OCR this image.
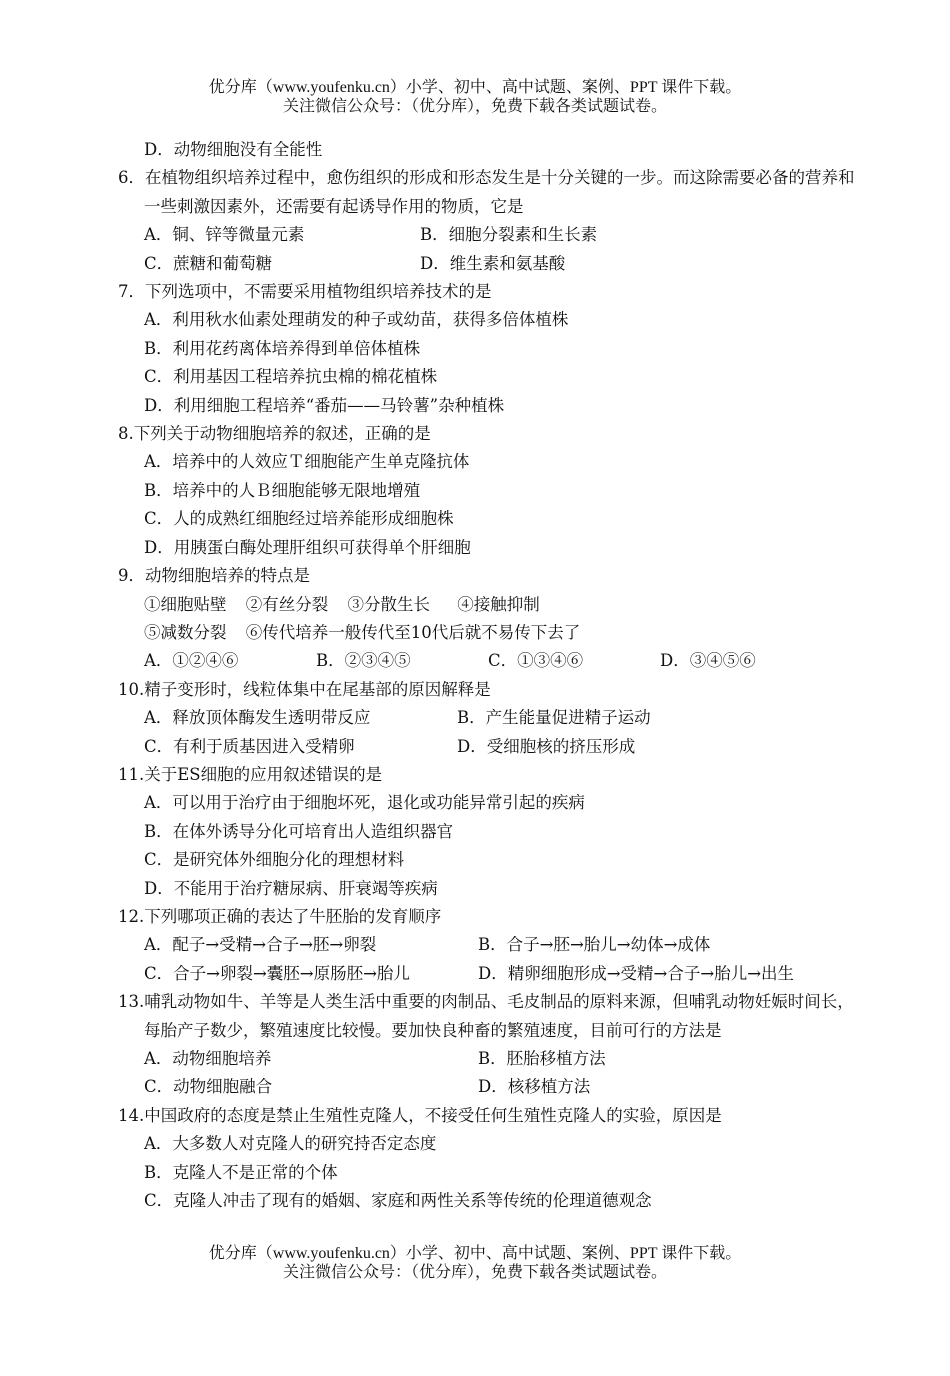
优分库（www.youfenku.cn）小学、初中、高中试题、案例、PPT 课件下载。
关注微信公众号：（优分库），免费下载各类试题试卷。
D．动物细胞没有全能性
6．在植物组织培养过程中，愈伤组织的形成和形态发生是十分关键的一步。而这除需要必备的营养和一些刺激因素外，还需要有起诱导作用的物质，它是
A．铜、锌等微量元素	B．细胞分裂素和生长素
C．蔗糖和葡萄糖	D．维生素和氨基酸
7．下列选项中，不需要采用植物组织培养技术的是
A．利用秋水仙素处理萌发的种子或幼苗，获得多倍体植株
B．利用花药离体培养得到单倍体植株
C．利用基因工程培养抗虫棉的棉花植株
D．利用细胞工程培养“番茄——马铃薯”杂种植株
8.下列关于动物细胞培养的叙述，正确的是
A．培养中的人效应Ｔ细胞能产生单克隆抗体
B．培养中的人Ｂ细胞能够无限地增殖
C．人的成熟红细胞经过培养能形成细胞株
D．用胰蛋白酶处理肝组织可获得单个肝细胞
9．动物细胞培养的特点是
①细胞贴壁 ②有丝分裂 ③分散生长 ④接触抑制
⑤减数分裂 ⑥传代培养一般传代至10代后就不易传下去了
A．①②④⑥	B．②③④⑤	C．①③④⑥	D．③④⑤⑥
10.精子变形时，线粒体集中在尾基部的原因解释是
A．释放顶体酶发生透明带反应	B．产生能量促进精子运动
C．有利于质基因进入受精卵	D．受细胞核的挤压形成
11.关于ES细胞的应用叙述错误的是
A．可以用于治疗由于细胞坏死，退化或功能异常引起的疾病
B．在体外诱导分化可培育出人造组织器官
C．是研究体外细胞分化的理想材料
D．不能用于治疗糖尿病、肝衰竭等疾病
12.下列哪项正确的表达了牛胚胎的发育顺序
A．配子→受精→合子→胚→卵裂	B．合子→胚→胎儿→幼体→成体
C．合子→卵裂→囊胚→原肠胚→胎儿	D．精卵细胞形成→受精→合子→胎儿→出生
13.哺乳动物如牛、羊等是人类生活中重要的肉制品、毛皮制品的原料来源，但哺乳动物妊娠时间长，每胎产子数少，繁殖速度比较慢。要加快良种畜的繁殖速度，目前可行的方法是
A．动物细胞培养	B．胚胎移植方法
C．动物细胞融合	D．核移植方法
14.中国政府的态度是禁止生殖性克隆人，不接受任何生殖性克隆人的实验，原因是
A．大多数人对克隆人的研究持否定态度
B．克隆人不是正常的个体
C．克隆人冲击了现有的婚姻、家庭和两性关系等传统的伦理道德观念
优分库（www.youfenku.cn）小学、初中、高中试题、案例、PPT 课件下载。
关注微信公众号：（优分库），免费下载各类试题试卷。
